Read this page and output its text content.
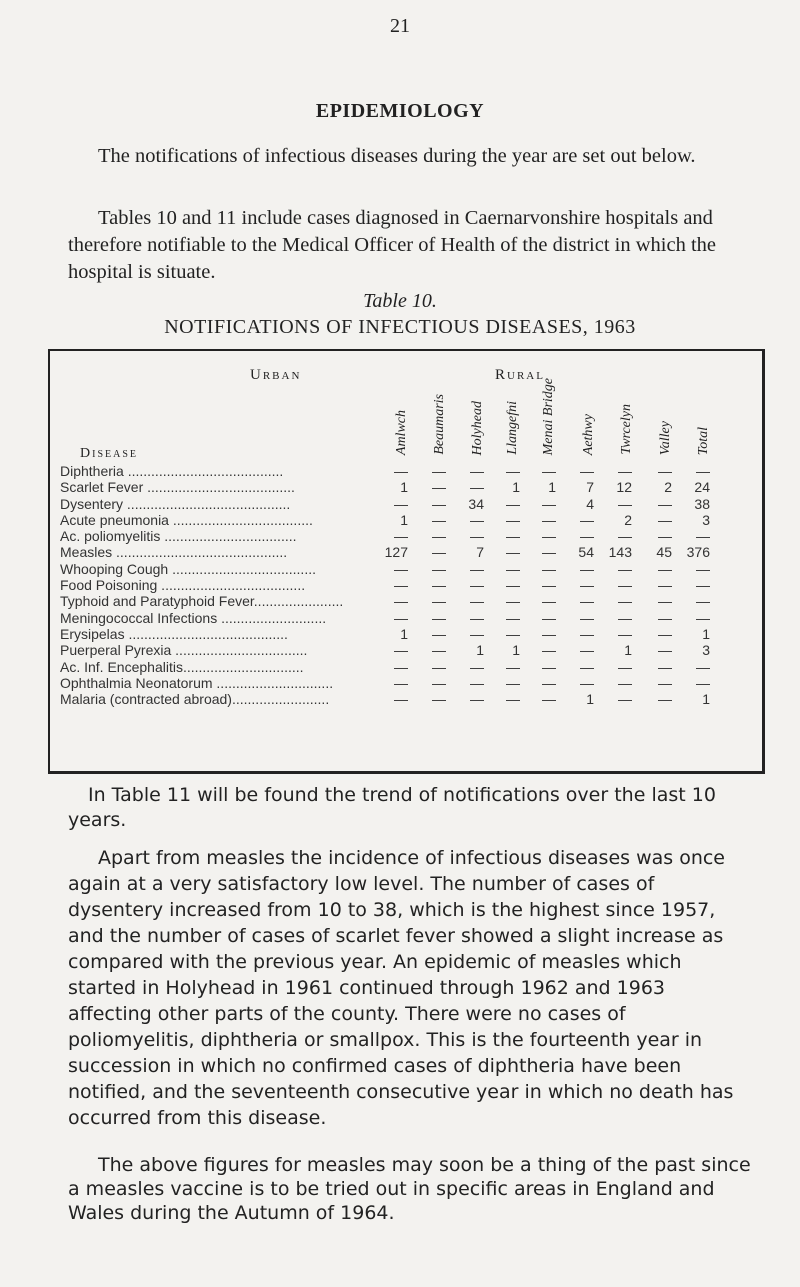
21
EPIDEMIOLOGY

The notifications of infectious diseases during the year are set out below.

Tables 10 and 11 include cases diagnosed in Caernarvonshire hospitals and therefore notifiable to the Medical Officer of Health of the district in which the hospital is situate.

Table 10.
NOTIFICATIONS OF INFECTIOUS DISEASES, 1963
Urban	Rural
Disease	Amlwch	Beaumaris	Holyhead	Llangefni	Menai Bridge	Aethwy	Twrcelyn	Valley	Total
Diphtheria ........................................	—	—	—	—	—	—	—	—	—
Scarlet Fever ......................................	1	—	—	1	1	7	12	2	24
Dysentery ..........................................	—	—	34	—	—	4	—	—	38
Acute pneumonia ....................................	1	—	—	—	—	—	2	—	3
Ac. poliomyelitis ..................................	—	—	—	—	—	—	—	—	—
Measles ............................................	127	—	7	—	—	54	143	45	376
Whooping Cough .....................................	—	—	—	—	—	—	—	—	—
Food Poisoning .....................................	—	—	—	—	—	—	—	—	—
Typhoid and Paratyphoid Fever.......................	—	—	—	—	—	—	—	—	—
Meningococcal Infections ...........................	—	—	—	—	—	—	—	—	—
Erysipelas .........................................	1	—	—	—	—	—	—	—	1
Puerperal Pyrexia ..................................	—	—	1	1	—	—	1	—	3
Ac. Inf. Encephalitis...............................	—	—	—	—	—	—	—	—	—
Ophthalmia Neonatorum ..............................	—	—	—	—	—	—	—	—	—
Malaria (contracted abroad).........................	—	—	—	—	—	1	—	—	1

In Table 11 will be found the trend of notifications over the last 10 years.

Apart from measles the incidence of infectious diseases was once again at a very satisfactory low level. The number of cases of dysentery increased from 10 to 38, which is the highest since 1957, and the number of cases of scarlet fever showed a slight increase as compared with the previous year. An epidemic of measles which started in Holyhead in 1961 continued through 1962 and 1963 affecting other parts of the county. There were no cases of poliomyelitis, diphtheria or smallpox. This is the fourteenth year in succession in which no confirmed cases of diphtheria have been notified, and the seventeenth consecutive year in which no death has occurred from this disease.

The above figures for measles may soon be a thing of the past since a measles vaccine is to be tried out in specific areas in England and Wales during the Autumn of 1964.
